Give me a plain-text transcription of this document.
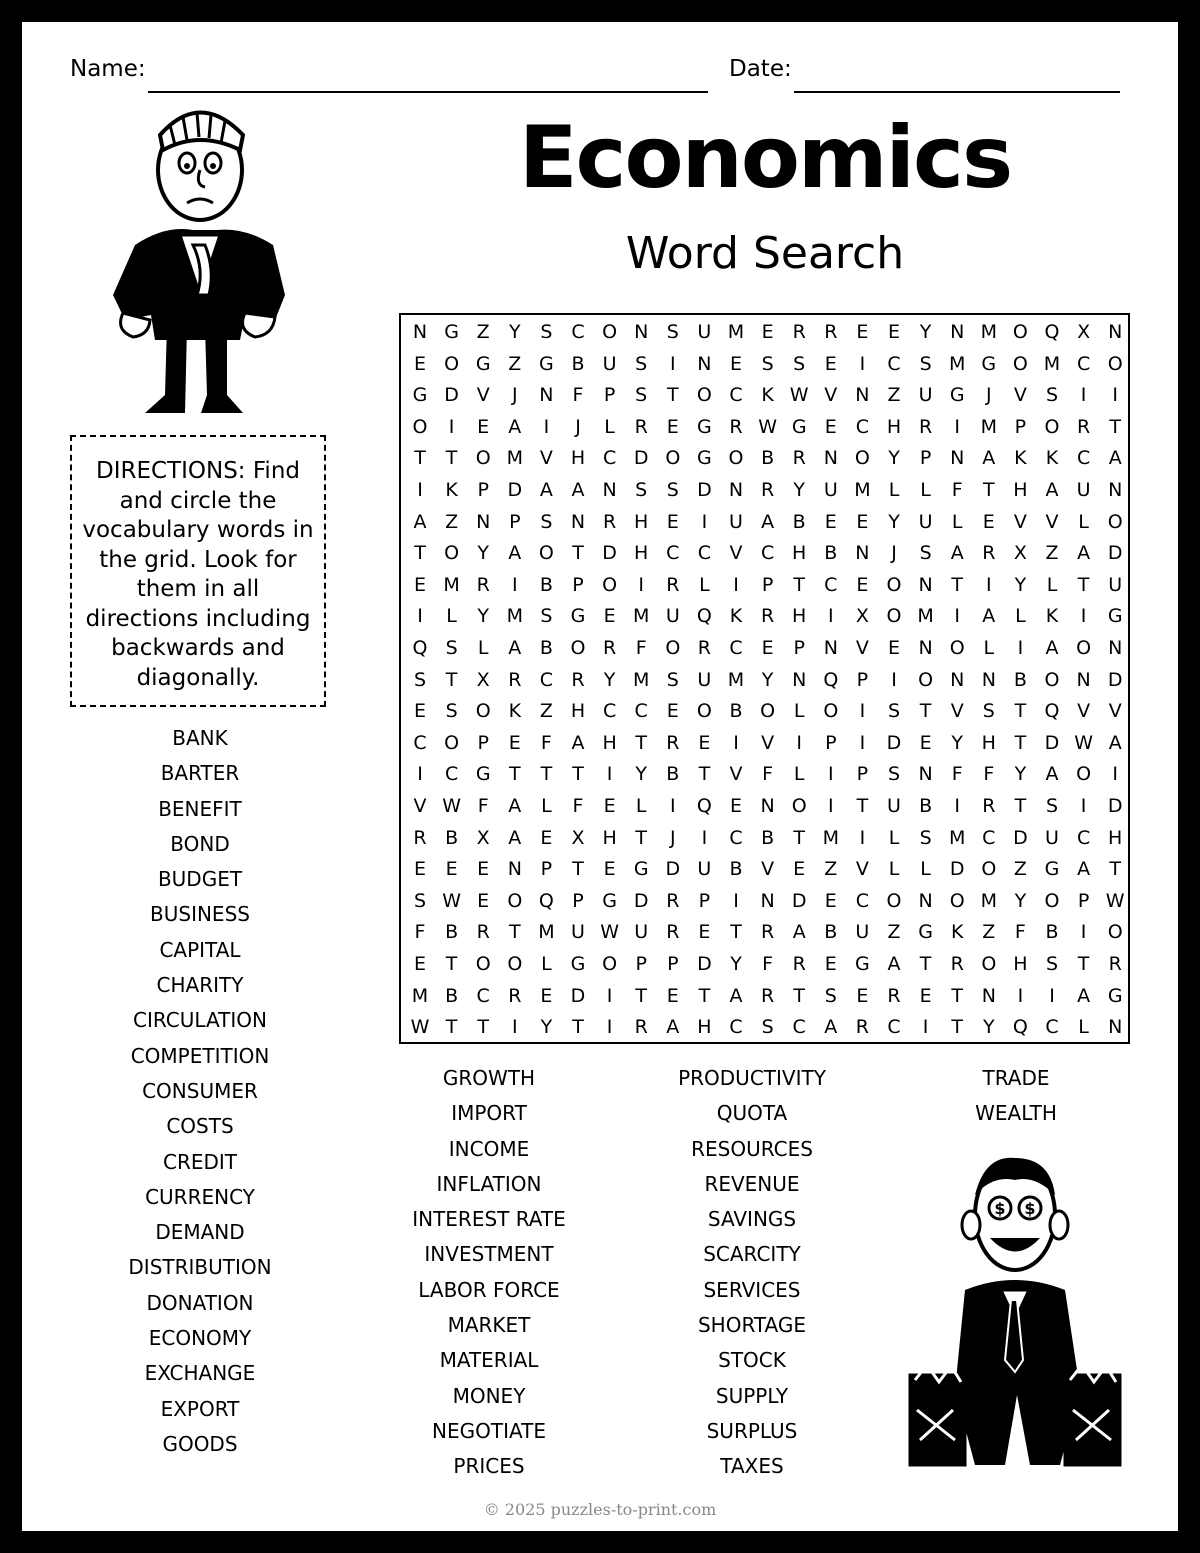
Name:	Date:
Economics
Word Search
DIRECTIONS: Find and circle the vocabulary words in the grid. Look for them in all directions including backwards and diagonally.
N G Z	Y	S C O N S U M E R R E	E	Y N M O Q X N
E O G Z G B U S	I	N E	S	S	E	I	C S M G O M C O
G D V	J	N	F	P	S	T O C K W V N Z U G	J	V	S	I	I
O	I	E	A	I	J	L	R	E G R W G E C H R	I	M P O R	T
T	T O M V H C D O G O B R N O Y	P N A K	K C A
I	K	P D A A N S	S D N R	Y U M L	L	F	T H A U N
A Z N P	S N R H E	I	U A B	E	E	Y U	L	E	V V	L O
T O Y	A O T D H C C V C H B N	J	S	A R X Z A D
E M R	I	B	P O	I	R	L	I	P	T	C E O N T	I	Y	L	T U
I	L	Y M S G E M U Q K R H	I	X O M	I	A	L	K	I	G
Q S	L	A B O R	F O R C E	P N V	E N O L	I	A O N
S	T	X R C R	Y M S U M Y N Q P	I	O N N B O N D
E	S O K Z H C C E O B O L O	I	S	T	V	S	T Q V V
C O P	E	F	A H T	R E	I	V	I	P	I	D E	Y H T D W A
I	C G T	T	T	I	Y	B	T	V	F	L	I	P	S N	F	F	Y	A O	I
V W F	A	L	F	E	L	I	Q E N O	I	T U B	I	R	T	S	I	D
R B X A	E	X H T	J	I	C B	T M	I	L	S M C D U C H
E	E	E N P	T	E G D U B V	E	Z V	L	L D O Z G A	T
S W E O Q P G D R	P	I	N D E C O N O M Y O P W
F	B R	T M U W U R E	T	R A B U Z G K Z	F	B	I	O
E	T O O L G O P	P D Y	F	R	E G A	T	R O H S	T	R
M B C R E D	I	T	E	T	A R	T	S	E	R E	T N	I	I	A G
W T	T	I	Y	T	I	R A H C S C A R C	I	T	Y Q C	L	N
BANK
BARTER
BENEFIT
BOND
BUDGET
BUSINESS
CAPITAL
CHARITY
CIRCULATION
COMPETITION
CONSUMER
COSTS
CREDIT
CURRENCY
DEMAND
DISTRIBUTION
DONATION
ECONOMY
EXCHANGE
EXPORT
GOODS
GROWTH
IMPORT
INCOME
INFLATION
INTEREST RATE
INVESTMENT
LABOR FORCE
MARKET
MATERIAL
MONEY
NEGOTIATE
PRICES
PRODUCTIVITY
QUOTA
RESOURCES
REVENUE
SAVINGS
SCARCITY
SERVICES
SHORTAGE
STOCK
SUPPLY
SURPLUS
TAXES
TRADE
WEALTH
$ $
© 2025 puzzles-to-print.com
